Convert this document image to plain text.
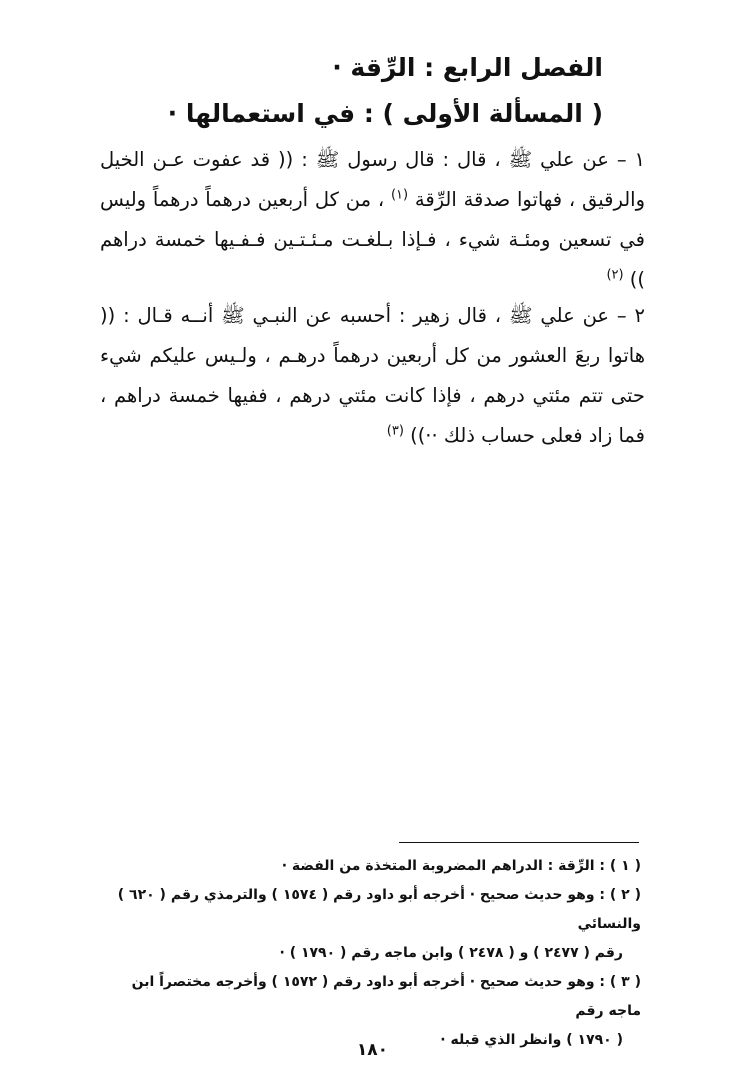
الفصل الرابع : الرِّقة ·
( المسألة الأولى ) : في استعمالها ·

١ – عن علي ﷺ ، قال : قال رسول ﷺ : (( قد عفوت عـن الخيل والرقيق ، فهاتوا صدقة الرِّقة $^{(١)}$ ، من كل أربعين درهماً درهماً وليس في تسعين ومئـة شيء ، فـإذا بـلغـت مـئـتـين فـفـيها خمسة دراهم )) $^{(٢)}$

٢ – عن علي ﷺ ، قال زهير : أحسبه عن النبـي ﷺ أنــه قـال : (( هاتوا ربعَ العشور من كل أربعين درهماً درهـم ، ولـيس عليكم شيء حتى تتم مئتي درهم ، فإذا كانت مئتي درهم ، ففيها خمسة دراهم ، فما زاد فعلى حساب ذلك ··)) $^{(٣)}$

( ١ ) : الرِّقة : الدراهم المضروبة المتخذة من الفضة ·

( ٢ ) : وهو حديث صحيح · أخرجه أبو داود رقم ( ١٥٧٤ ) والترمذي رقم ( ٦٢٠ ) والنسائي

رقم ( ٢٤٧٧ ) و ( ٢٤٧٨ ) وابن ماجه رقم ( ١٧٩٠ ) ·

( ٣ ) : وهو حديث صحيح · أخرجه أبو داود رقم ( ١٥٧٢ ) وأخرجه مختصراً ابن ماجه رقم

( ١٧٩٠ ) وانظر الذي قبله ·

١٨٠
